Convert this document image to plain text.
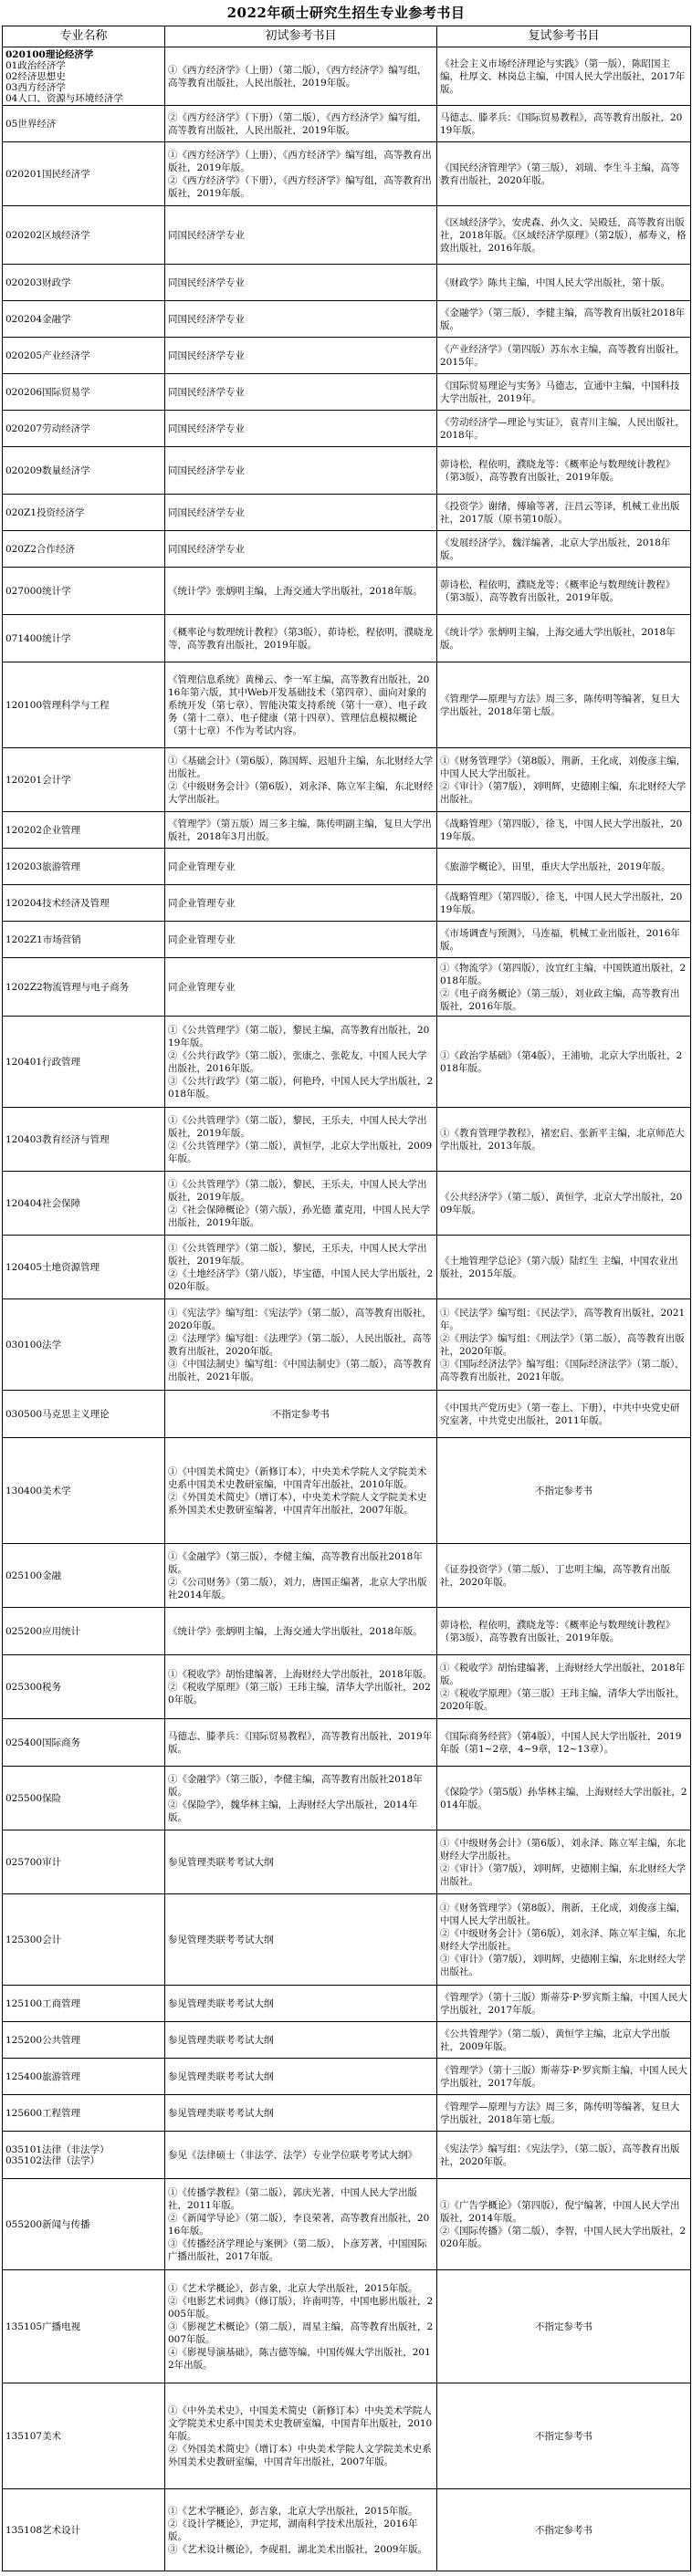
2022年硕士研究生招生专业参考书目
专业名称	初试参考书目	复试参考书目

020100理论经济学
01政治经济学
02经济思想史
03西方经济学
04人口、资源与环境经济学	①《西方经济学》（上册）（第二版），《西方经济学》编写组，高等教育出版社，人民出版社，2019年版。	《社会主义市场经济理论与实践》（第一版），陈昭国主编，杜厚文、林岗总主编，中国人民大学出版社，2017年版。

05世界经济	②《西方经济学》（下册）（第二版），《西方经济学》编写组，高等教育出版社，人民出版社，2019年版。	马德志、滕孝兵：《国际贸易教程》，高等教育出版社，2019年版。

020201国民经济学	①《西方经济学》（上册），《西方经济学》编写组，高等教育出版社，2019年版。
②《西方经济学》（下册），《西方经济学》编写组，高等教育出版社，2019年版。	《国民经济管理学》（第三版），刘瑞、李生斗主编，高等教育出版社，2020年版。

020202区域经济学	同国民经济学专业	《区域经济学》，安虎森、孙久文、吴殿廷，高等教育出版社，2018年版。《区域经济学原理》（第2版），郝寿义，格致出版社，2016年版。

020203财政学	同国民经济学专业	《财政学》陈共主编，中国人民大学出版社，第十版。

020204金融学	同国民经济学专业	《金融学》（第三版），李健主编，高等教育出版社2018年版。

020205产业经济学	同国民经济学专业	《产业经济学》（第四版）苏东水主编，高等教育出版社，2015年。

020206国际贸易学	同国民经济学专业	《国际贸易理论与实务》马德志，宣通中主编，中国科技大学出版社，2019年。

020207劳动经济学	同国民经济学专业	《劳动经济学—理论与实证》，袁青川主编，人民出版社，2018年。

020209数量经济学	同国民经济学专业	茆诗松，程依明，濮晓龙等：《概率论与数理统计教程》（第3版），高等教育出版社，2019年版。

020Z1投资经济学	同国民经济学专业	《投资学》谢绪，傅瑜等著，汪昌云等译，机械工业出版社，2017版（原书第10版）。

020Z2合作经济	同国民经济学专业	《发展经济学》，魏洋编著，北京大学出版社，2018年版。

027000统计学	《统计学》张炳明主编，上海交通大学出版社，2018年版。	茆诗松，程依明，濮晓龙等：《概率论与数理统计教程》（第3版），高等教育出版社，2019年版。

071400统计学	《概率论与数理统计教程》（第3版），茆诗松，程依明，濮晓龙等，高等教育出版社，2019年版。	《统计学》张炳明主编，上海交通大学出版社，2018年版。

120100管理科学与工程	《管理信息系统》黄梯云、李一军主编，高等教育出版社，2016年第六版，其中Web开发基础技术（第四章）、面向对象的系统开发（第七章）、智能决策支持系统（第十一章）、电子政务（第十二章）、电子健康（第十四章）、管理信息模拟概论（第十七章）不作为考试内容。	《管理学—原理与方法》周三多，陈传明等编著，复旦大学出版社，2018年第七版。

120201会计学	①《基础会计》（第6版），陈国辉、迟旭升主编，东北财经大学出版社。
②《中级财务会计》（第6版），刘永泽、陈立军主编，东北财经大学出版社。	①《财务管理学》（第8版），荆新，王化成，刘俊彦主编，中国人民大学出版社。
②《审计》（第7版），刘明辉，史德刚主编，东北财经大学出版社。

120202企业管理	《管理学》（第五版）周三多主编，陈传明副主编，复旦大学出版社，2018年3月出版。	《战略管理》（第四版），徐飞，中国人民大学出版社，2019年版。

120203旅游管理	同企业管理专业	《旅游学概论》，田里，重庆大学出版社，2019年版。

120204技术经济及管理	同企业管理专业	《战略管理》（第四版），徐飞，中国人民大学出版社，2019年版。

1202Z1市场营销	同企业管理专业	《市场调查与预测》，马连福，机械工业出版社，2016年版。

1202Z2物流管理与电子商务	同企业管理专业	①《物流学》（第四版），汝宜红主编，中国铁道出版社，2018年版。
②《电子商务概论》（第三版），刘业政主编，高等教育出版社，2016年版。

120401行政管理	①《公共管理学》（第二版），黎民主编，高等教育出版社，2019年版。
②《公共行政学》（第二版），张康之、张乾友，中国人民大学出版社，2016年版。
③《公共行政学》（第二版），何艳玲，中国人民大学出版社，2018年版。	①《政治学基础》（第4版），王浦劬，北京大学出版社，2018年版。

120403教育经济与管理	①《公共管理学》（第二版），黎民，王乐夫，中国人民大学出版社，2019年版。
②《公共管理学》（第二版），黄恒学，北京大学出版社，2009年版。	①《教育管理学教程》，褚宏启、张新平主编，北京师范大学出版社，2013年版。

120404社会保障	①《公共管理学》（第二版），黎民，王乐夫，中国人民大学出版社，2019年版。
②《社会保障概论》（第六版），孙光德 董克用，中国人民大学出版社，2019年版。	《公共经济学》（第二版），黄恒学，北京大学出版社，2009年版。

120405土地资源管理	①《公共管理学》（第二版），黎民，王乐夫，中国人民大学出版社，2019年版。
②《土地经济学》（第八版），毕宝德，中国人民大学出版社，2020年版。	《土地管理学总论》（第六版）陆红生 主编，中国农业出版社，2015年版。

030100法学	①《宪法学》编写组：《宪法学》（第二版），高等教育出版社，2020年版。
②《法理学》编写组：《法理学》（第二版），人民出版社，高等教育出版社，2020年版。
③《中国法制史》编写组：《中国法制史》（第二版），高等教育出版社，2021年版。	①《民法学》编写组：《民法学》，高等教育出版社，2021年。
②《刑法学》编写组：《刑法学》（第二版），高等教育出版社，2020年版。
③《国际经济法学》编写组：《国际经济法学》（第二版），高等教育出版社，2021年版。

030500马克思主义理论	不指定参考书	《中国共产党历史》（第一卷上、下册），中共中央党史研究室著，中共党史出版社，2011年版。

130400美术学	①《中国美术简史》（新修订本），中央美术学院人文学院美术史系中国美术史教研室编，中国青年出版社，2010年版。
②《外国美术简史》（增订本），中央美术学院人文学院美术史系外国美术史教研室编著，中国青年出版社，2007年版。	不指定参考书

025100金融	①《金融学》（第三版），李健主编，高等教育出版社2018年版。
②《公司财务》（第二版），刘力，唐国正编著，北京大学出版社2014年版。	《证券投资学》（第二版），丁忠明主编，高等教育出版社，2020年版。

025200应用统计	《统计学》张炳明主编，上海交通大学出版社，2018年版。	茆诗松，程依明，濮晓龙等：《概率论与数理统计教程》（第3版），高等教育出版社，2019年版。

025300税务	①《税收学》胡怡建编著，上海财经大学出版社，2018年版。
②《税收学原理》（第三版）王玮主编，清华大学出版社，2020年版。	①《税收学》胡怡建编著，上海财经大学出版社，2018年版。
②《税收学原理》（第三版）王玮主编，清华大学出版社，2020年版。

025400国际商务	马德志、滕孝兵：《国际贸易教程》，高等教育出版社，2019年版。	《国际商务经营》（第4版），中国人民大学出版社，2019年版（第1~2章，4~9章，12~13章）。

025500保险	①《金融学》（第三版），李健主编，高等教育出版社2018年版。
②《保险学》，魏华林主编，上海财经大学出版社，2014年版。	《保险学》（第5版）孙华林主编，上海财经大学出版社，2014年版。

025700审计	参见管理类联考考试大纲	①《中级财务会计》（第6版），刘永泽、陈立军主编，东北财经大学出版社。
②《审计》（第7版），刘明辉，史德刚主编，东北财经大学出版社。

125300会计	参见管理类联考考试大纲	①《财务管理学》（第8版），荆新，王化成，刘俊彦主编，中国人民大学出版社。
②《中级财务会计》（第6版），刘永泽、陈立军主编，东北财经大学出版社。
③《审计》（第7版），刘明辉，史德刚主编，东北财经大学出版社。

125100工商管理	参见管理类联考考试大纲	《管理学》（第十三版）斯蒂芬·P·罗宾斯主编，中国人民大学出版社，2017年版。

125200公共管理	参见管理类联考考试大纲	《公共管理学》（第二版），黄恒学主编，北京大学出版社，2009年版。

125400旅游管理	参见管理类联考考试大纲	《管理学》（第十三版）斯蒂芬·P·罗宾斯主编，中国人民大学出版社，2017年版。

125600工程管理	参见管理类联考考试大纲	《管理学—原理与方法》周三多，陈传明等编著，复旦大学出版社，2018年第七版。

035101法律（非法学）
035102法律（法学）	参见《法律硕士（非法学、法学）专业学位联考考试大纲》	《宪法学》编写组：《宪法学》，（第二版），高等教育出版社，2020年版。

055200新闻与传播	①《传播学教程》（第二版），郭庆光著，中国人民大学出版社，2011年版。
②《新闻学导论》（第二版），李良荣著，高等教育出版社，2016年版。
③《传播经济学理论与案例》（第二版），卜彦芳著，中国国际广播出版社，2017年版。	①《广告学概论》（第四版），倪宁编著，中国人民大学出版社，2014年版。
②《国际传播》（第二版），李智，中国人民大学出版社，2020年版。

135105广播电视	①《艺术学概论》，彭吉象，北京大学出版社，2015年版。
②《电影艺术词典》（修订版），许南明等，中国电影出版社，2005年版。
③《影视艺术概论》（第二版），周星主编，高等教育出版社，2007年版。
④《影视导演基础》，陈吉德等编，中国传媒大学出版社，2012年出版。	不指定参考书

135107美术	①《中外美术史》，中国美术简史（新修订本）中央美术学院人文学院美术史系中国美术史教研室编，中国青年出版社，2010年版。
②《外国美术简史》（增订本）中央美术学院人文学院美术史系外国美术史教研室编，中国青年出版社，2007年版。	不指定参考书

135108艺术设计	①《艺术学概论》，彭吉象，北京大学出版社，2015年版。
②《设计学概论》，尹定邦，湖南科学技术出版社，2016年版。
③《艺术设计概论》，李砚祖，湖北美术出版社，2009年版。	不指定参考书
